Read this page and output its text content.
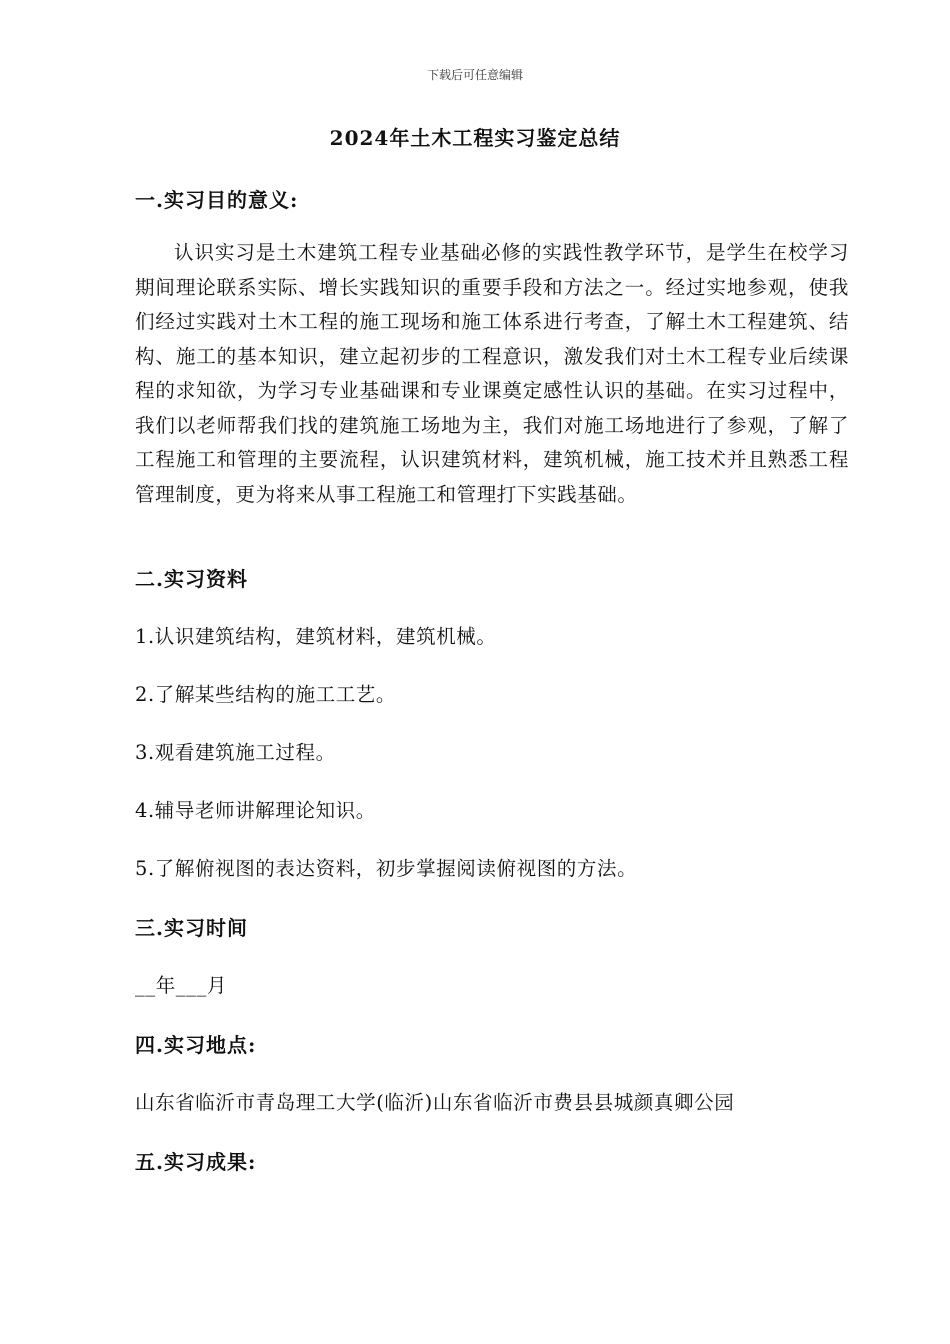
下载后可任意编辑
2024年土木工程实习鉴定总结
一.实习目的意义:

认识实习是土木建筑工程专业基础必修的实践性教学环节，是学生在校学习期间理论联系实际、增长实践知识的重要手段和方法之一。经过实地参观，使我们经过实践对土木工程的施工现场和施工体系进行考查，了解土木工程建筑、结构、施工的基本知识，建立起初步的工程意识，激发我们对土木工程专业后续课程的求知欲，为学习专业基础课和专业课奠定感性认识的基础。在实习过程中，我们以老师帮我们找的建筑施工场地为主，我们对施工场地进行了参观，了解了工程施工和管理的主要流程，认识建筑材料，建筑机械，施工技术并且熟悉工程管理制度，更为将来从事工程施工和管理打下实践基础。

二.实习资料
1.认识建筑结构，建筑材料，建筑机械。
2.了解某些结构的施工工艺。
3.观看建筑施工过程。
4.辅导老师讲解理论知识。
5.了解俯视图的表达资料，初步掌握阅读俯视图的方法。
三.实习时间
__年___月
四.实习地点:
山东省临沂市青岛理工大学(临沂)山东省临沂市费县县城颜真卿公园
五.实习成果:
